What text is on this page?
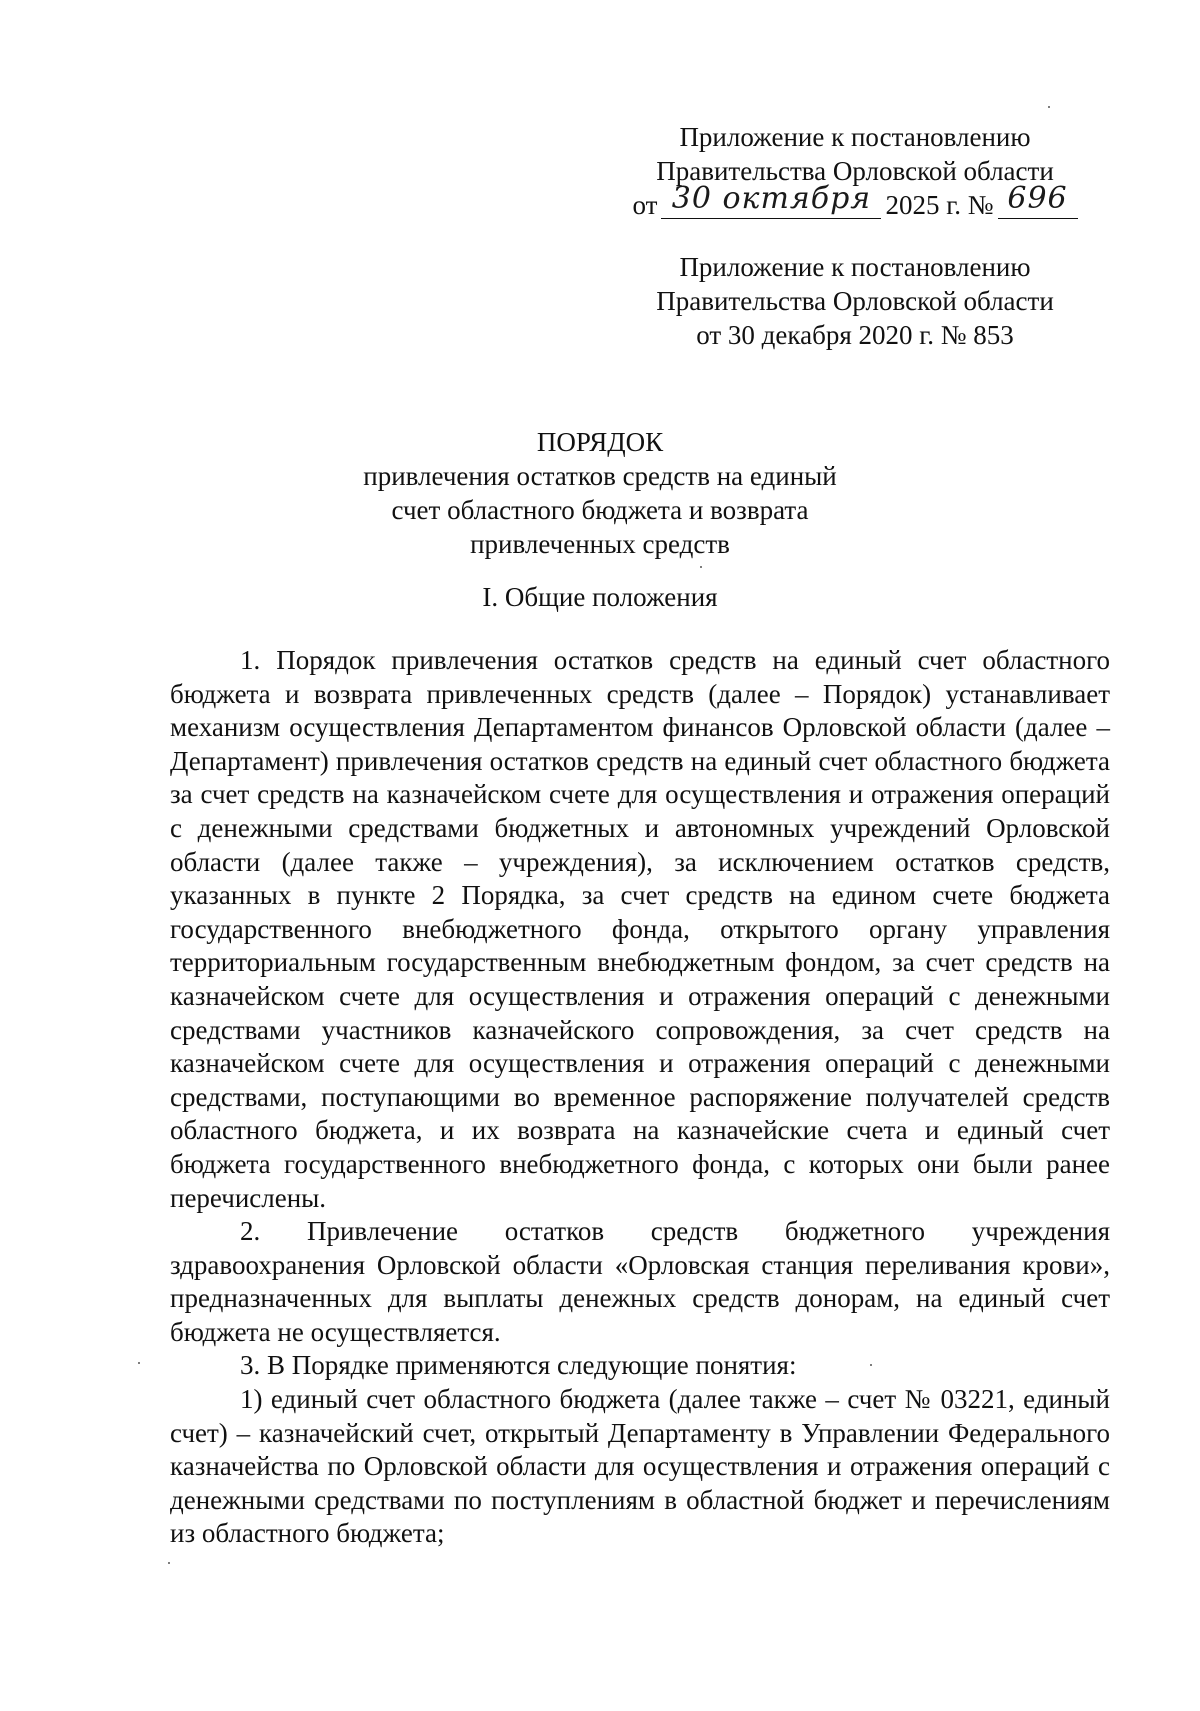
Приложение к постановлению
Правительства Орловской области
от 30 октября 2025 г. № 696
Приложение к постановлению
Правительства Орловской области
от 30 декабря 2020 г. № 853
ПОРЯДОК
привлечения остатков средств на единый
счет областного бюджета и возврата
привлеченных средств
I. Общие положения

1. Порядок привлечения остатков средств на единый счет областного бюджета и возврата привлеченных средств (далее – Порядок) устанавливает механизм осуществления Департаментом финансов Орловской области (далее – Департамент) привлечения остатков средств на единый счет областного бюджета за счет средств на казначейском счете для осуществления и отражения операций с денежными средствами бюджетных и автономных учреждений Орловской области (далее также – учреждения), за исключением остатков средств, указанных в пункте 2 Порядка, за счет средств на едином счете бюджета государственного внебюджетного фонда, открытого органу управления территориальным государственным внебюджетным фондом, за счет средств на казначейском счете для осуществления и отражения операций с денежными средствами участников казначейского сопровождения, за счет средств на казначейском счете для осуществления и отражения операций с денежными средствами, поступающими во временное распоряжение получателей средств областного бюджета, и их возврата на казначейские счета и единый счет бюджета государственного внебюджетного фонда, с которых они были ранее перечислены.

2. Привлечение остатков средств бюджетного учреждения здравоохранения Орловской области «Орловская станция переливания крови», предназначенных для выплаты денежных средств донорам, на единый счет бюджета не осуществляется.

3. В Порядке применяются следующие понятия:

1) единый счет областного бюджета (далее также – счет № 03221, единый счет) – казначейский счет, открытый Департаменту в Управлении Федерального казначейства по Орловской области для осуществления и отражения операций с денежными средствами по поступлениям в областной бюджет и перечислениям из областного бюджета;
